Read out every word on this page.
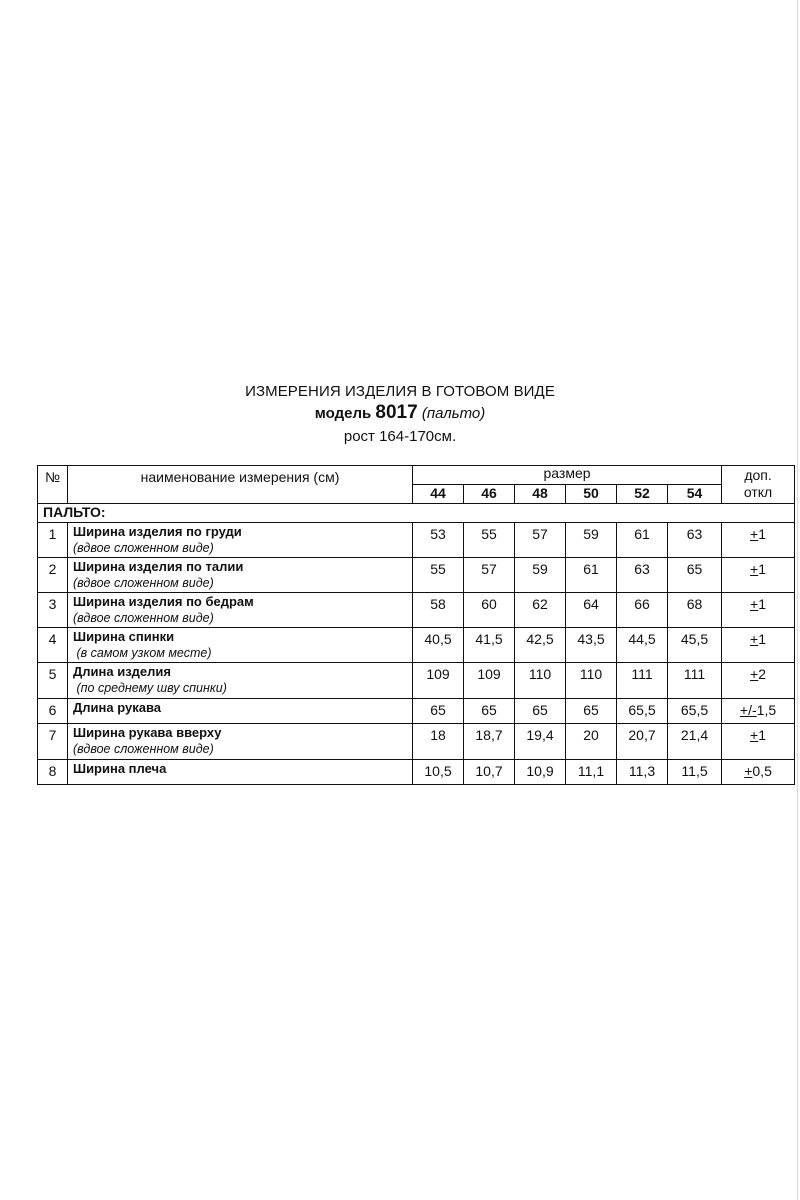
ИЗМЕРЕНИЯ ИЗДЕЛИЯ В ГОТОВОМ ВИДЕ
модель 8017 (пальто)
рост 164-170см.
№	наименование измерения (см)	размер						доп.
откл

		44	46	48	50	52	54	
ПАЛЬТО:								
1	Ширина изделия по груди
(вдвое сложенном виде)	53	55	57	59	61	63	+1
2	Ширина изделия по талии
(вдвое сложенном виде)	55	57	59	61	63	65	+1
3	Ширина изделия по бедрам
(вдвое сложенном виде)	58	60	62	64	66	68	+1
4	Ширина спинки
(в самом узком месте)	40,5	41,5	42,5	43,5	44,5	45,5	+1
5	Длина изделия
(по среднему шву спинки)	109	109	110	110	111	111	+2
6	Длина рукава	65	65	65	65	65,5	65,5	+/-1,5
7	Ширина рукава вверху
(вдвое сложенном виде)	18	18,7	19,4	20	20,7	21,4	+1
8	Ширина плеча	10,5	10,7	10,9	11,1	11,3	11,5	+0,5
